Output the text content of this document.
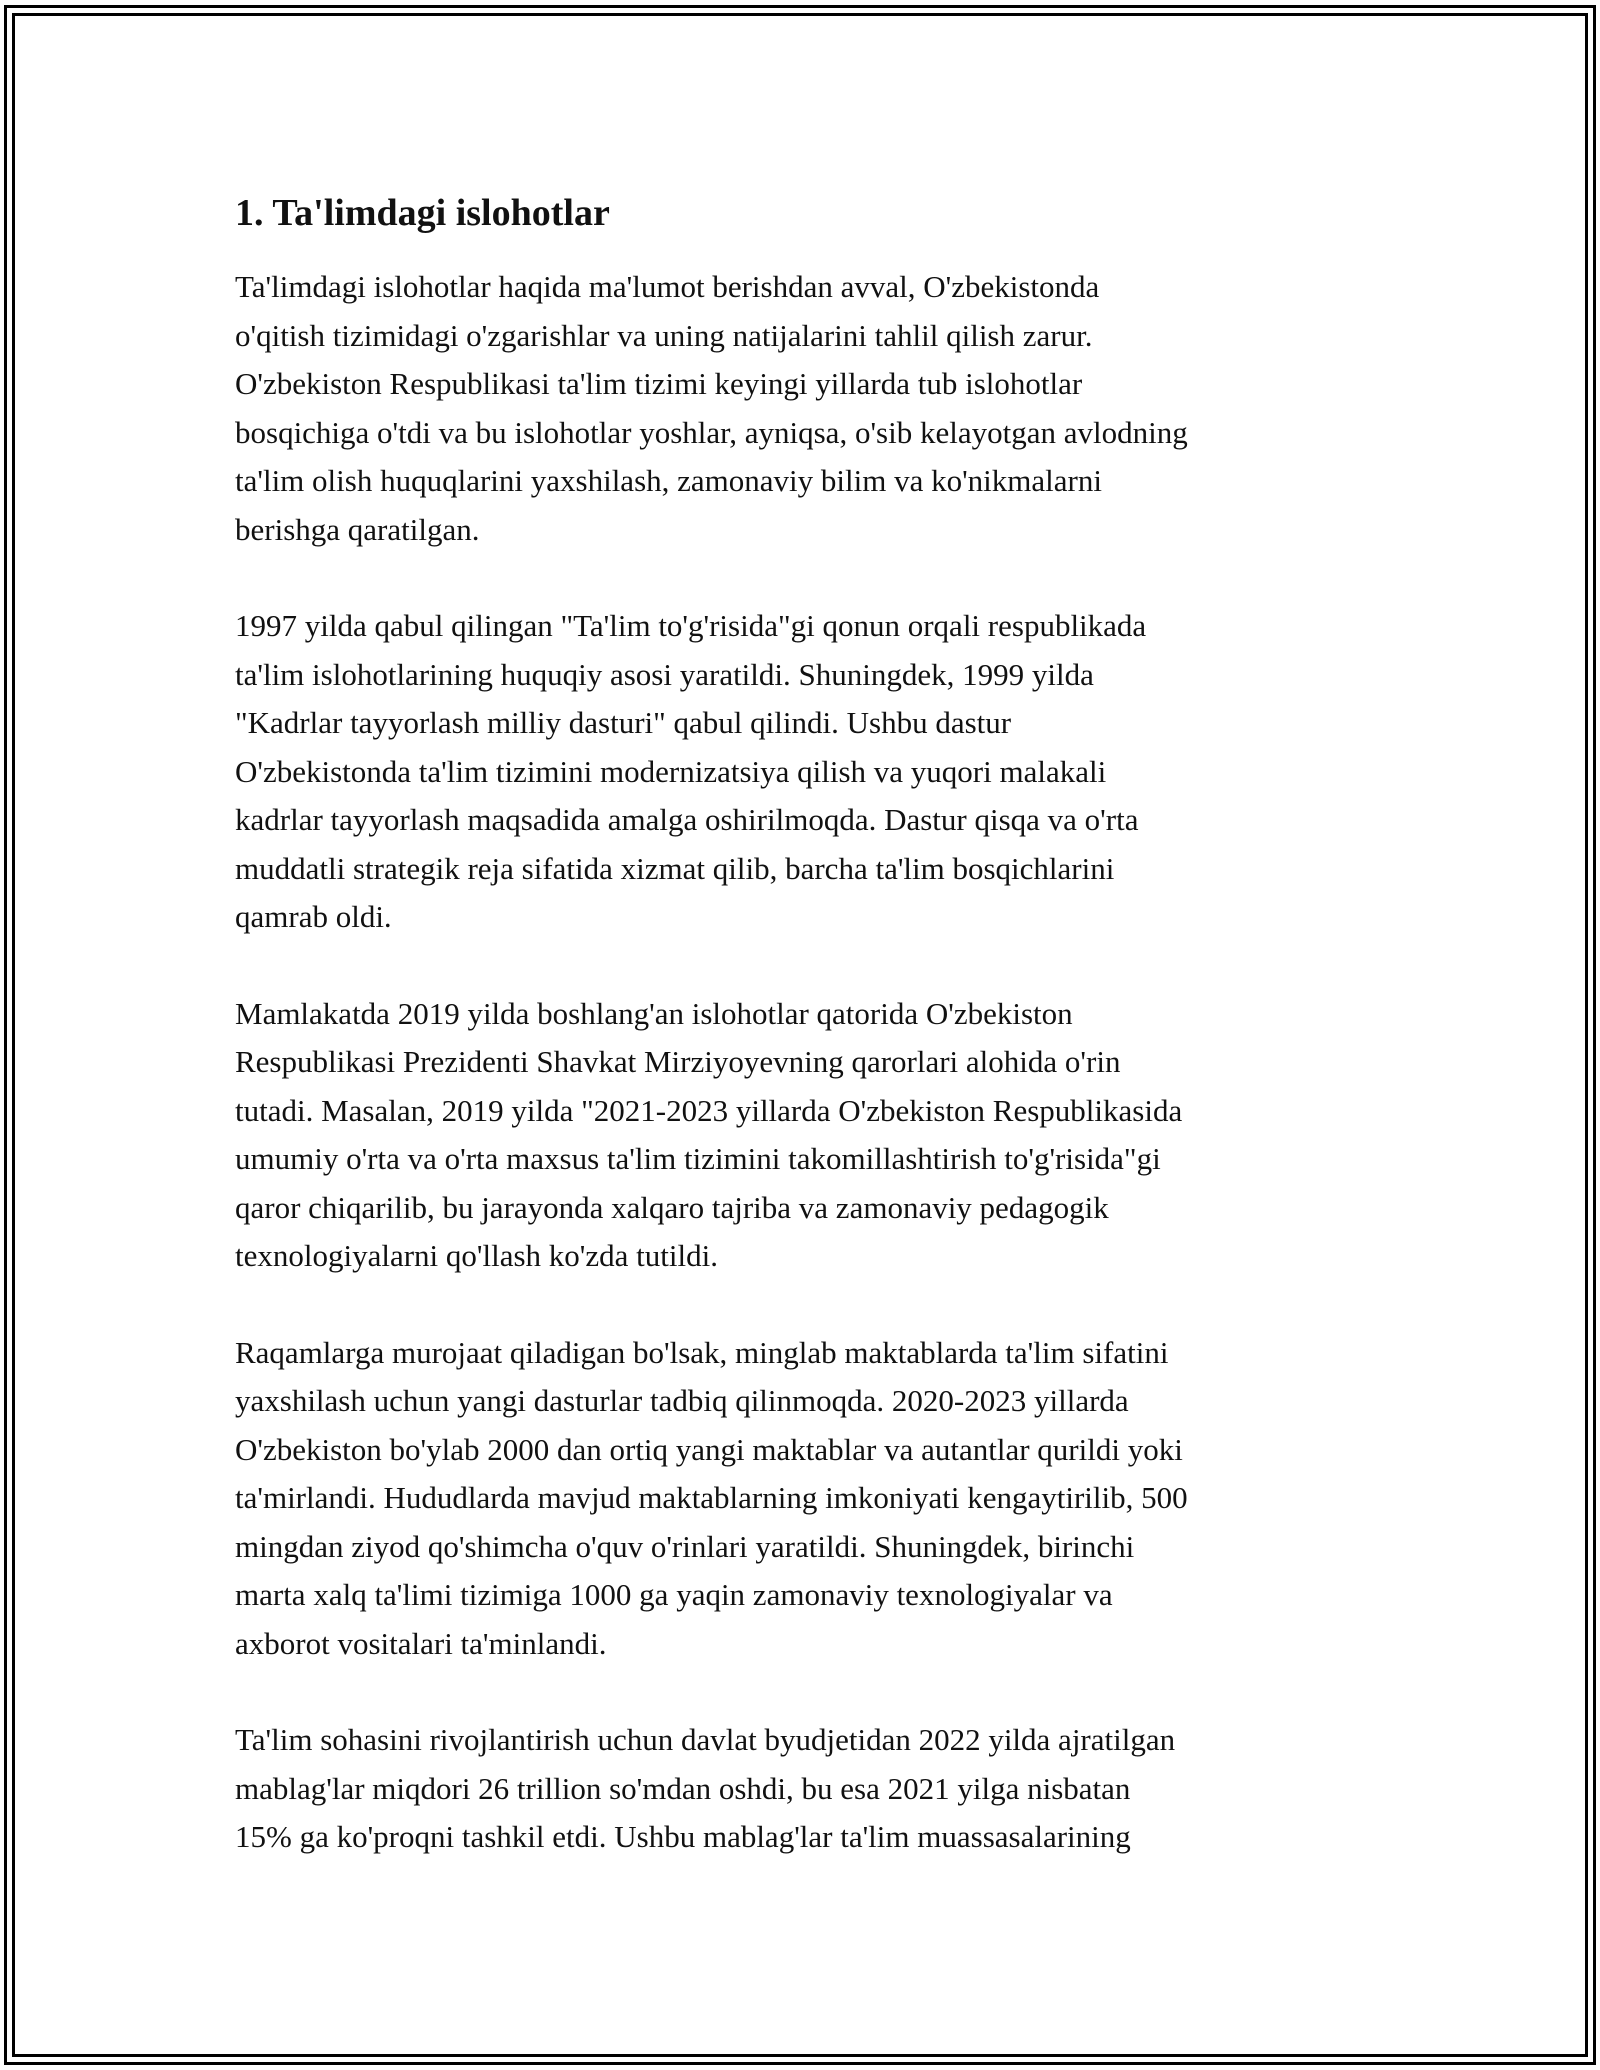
1. Ta'limdagi islohotlar

Ta'limdagi islohotlar haqida ma'lumot berishdan avval, O'zbekistonda
o'qitish tizimidagi o'zgarishlar va uning natijalarini tahlil qilish zarur.
O'zbekiston Respublikasi ta'lim tizimi keyingi yillarda tub islohotlar
bosqichiga o'tdi va bu islohotlar yoshlar, ayniqsa, o'sib kelayotgan avlodning
ta'lim olish huquqlarini yaxshilash, zamonaviy bilim va ko'nikmalarni
berishga qaratilgan.

1997 yilda qabul qilingan "Ta'lim to'g'risida"gi qonun orqali respublikada
ta'lim islohotlarining huquqiy asosi yaratildi. Shuningdek, 1999 yilda
"Kadrlar tayyorlash milliy dasturi" qabul qilindi. Ushbu dastur
O'zbekistonda ta'lim tizimini modernizatsiya qilish va yuqori malakali
kadrlar tayyorlash maqsadida amalga oshirilmoqda. Dastur qisqa va o'rta
muddatli strategik reja sifatida xizmat qilib, barcha ta'lim bosqichlarini
qamrab oldi.

Mamlakatda 2019 yilda boshlang'an islohotlar qatorida O'zbekiston
Respublikasi Prezidenti Shavkat Mirziyoyevning qarorlari alohida o'rin
tutadi. Masalan, 2019 yilda "2021-2023 yillarda O'zbekiston Respublikasida
umumiy o'rta va o'rta maxsus ta'lim tizimini takomillashtirish to'g'risida"gi
qaror chiqarilib, bu jarayonda xalqaro tajriba va zamonaviy pedagogik
texnologiyalarni qo'llash ko'zda tutildi.

Raqamlarga murojaat qiladigan bo'lsak, minglab maktablarda ta'lim sifatini
yaxshilash uchun yangi dasturlar tadbiq qilinmoqda. 2020-2023 yillarda
O'zbekiston bo'ylab 2000 dan ortiq yangi maktablar va autantlar qurildi yoki
ta'mirlandi. Hududlarda mavjud maktablarning imkoniyati kengaytirilib, 500
mingdan ziyod qo'shimcha o'quv o'rinlari yaratildi. Shuningdek, birinchi
marta xalq ta'limi tizimiga 1000 ga yaqin zamonaviy texnologiyalar va
axborot vositalari ta'minlandi.

Ta'lim sohasini rivojlantirish uchun davlat byudjetidan 2022 yilda ajratilgan
mablag'lar miqdori 26 trillion so'mdan oshdi, bu esa 2021 yilga nisbatan
15% ga ko'proqni tashkil etdi. Ushbu mablag'lar ta'lim muassasalarining
